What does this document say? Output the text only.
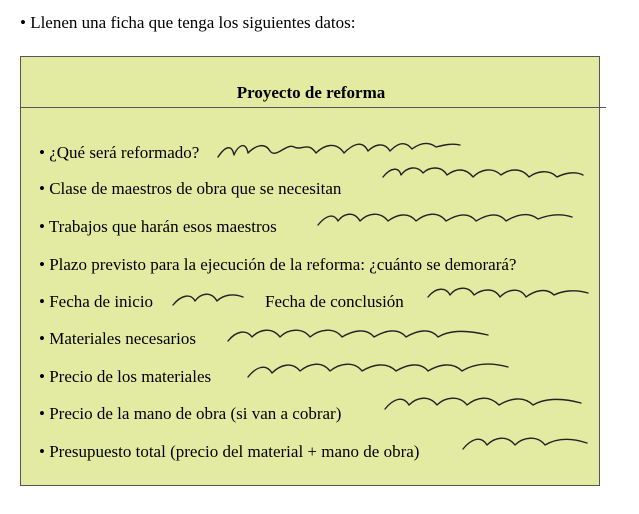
• Llenen una ficha que tenga los siguientes datos:
Proyecto de reforma
• ¿Qué será reformado?
• Clase de maestros de obra que se necesitan
• Trabajos que harán esos maestros
• Plazo previsto para la ejecución de la reforma: ¿cuánto se demorará?
• Fecha de inicio	Fecha de conclusión
• Materiales necesarios
• Precio de los materiales
• Precio de la mano de obra (si van a cobrar)
• Presupuesto total (precio del material + mano de obra)
